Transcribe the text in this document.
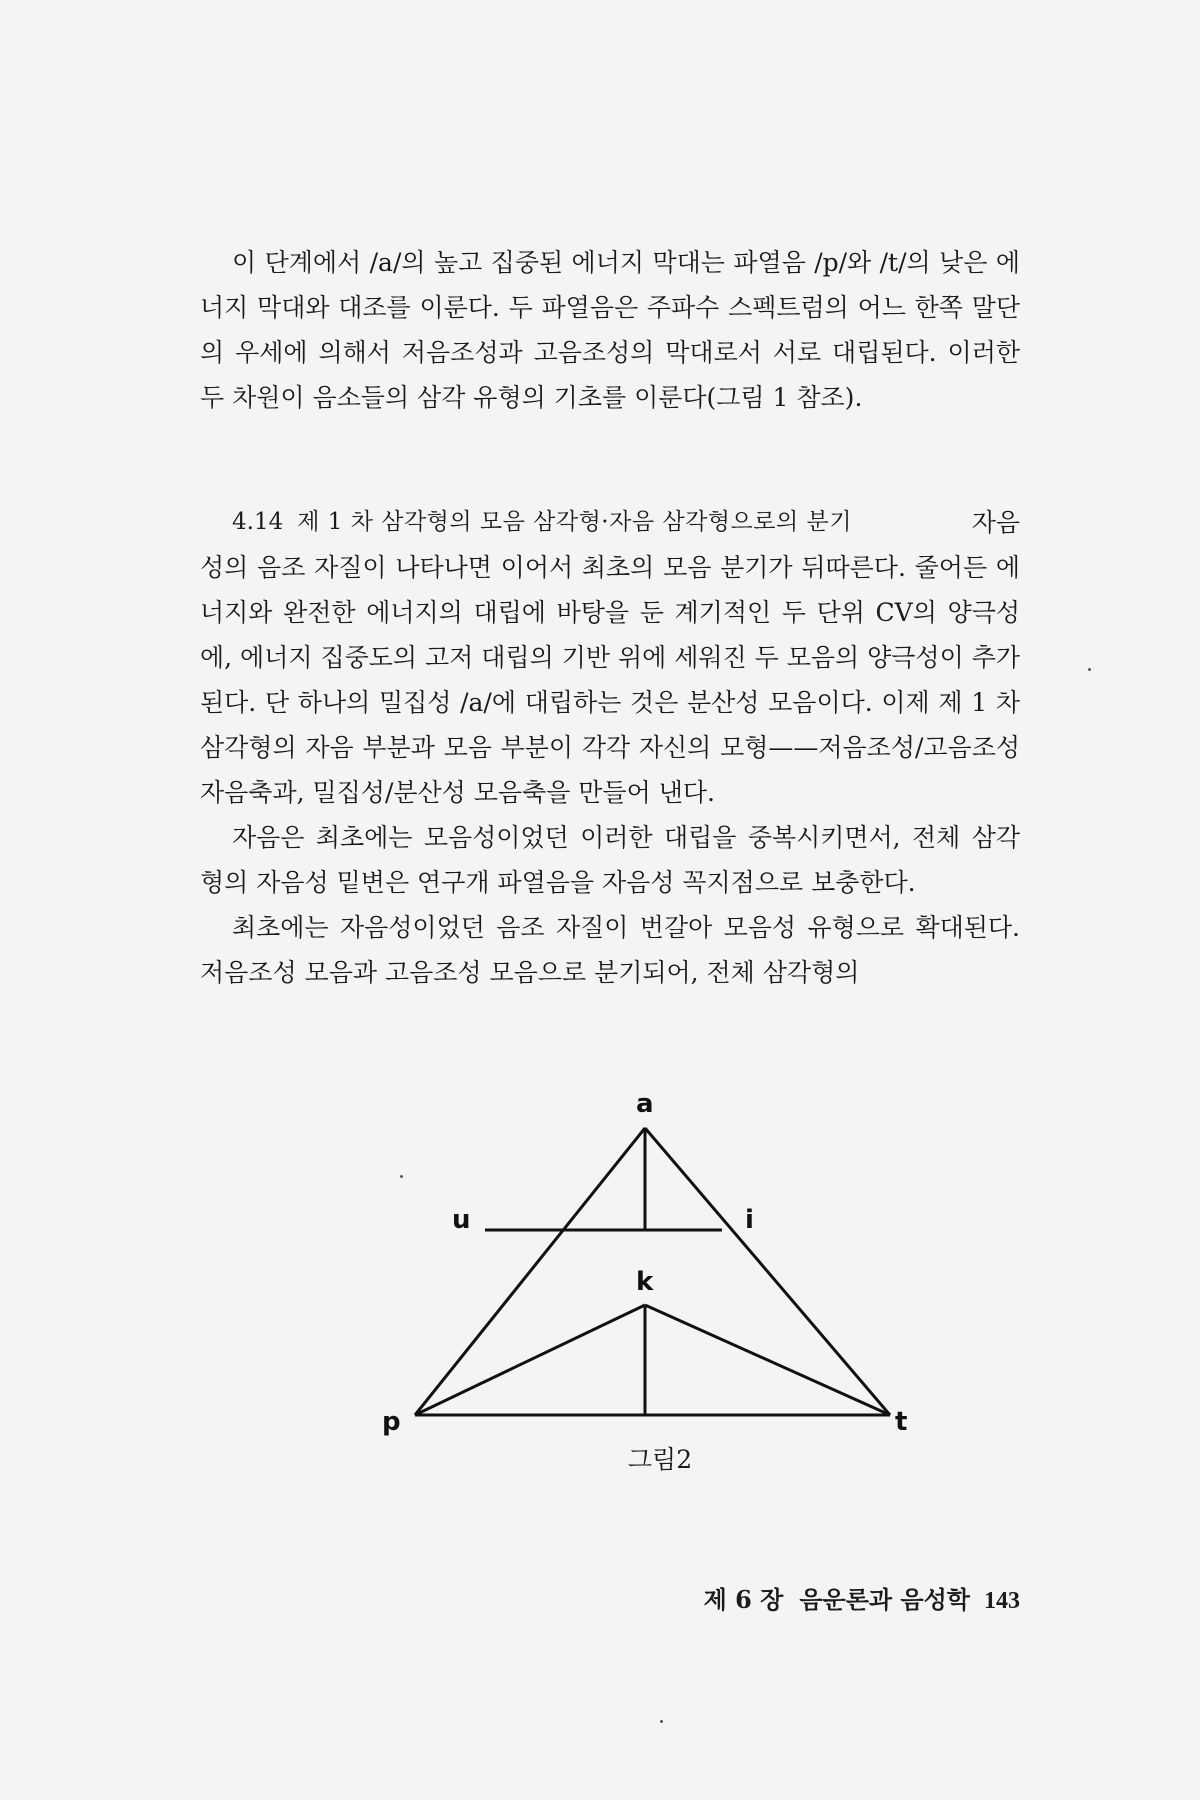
이 단계에서 /a/의 높고 집중된 에너지 막대는 파열음 /p/와 /t/의 낮은 에너지 막대와 대조를 이룬다. 두 파열음은 주파수 스펙트럼의 어느 한쪽 말단의 우세에 의해서 저음조성과 고음조성의 막대로서 서로 대립된다. 이러한 두 차원이 음소들의 삼각 유형의 기초를 이룬다(그림 1 참조).

4.14 제 1 차 삼각형의 모음 삼각형·자음 삼각형으로의 분기	자음

성의 음조 자질이 나타나면 이어서 최초의 모음 분기가 뒤따른다. 줄어든 에너지와 완전한 에너지의 대립에 바탕을 둔 계기적인 두 단위 CV의 양극성에, 에너지 집중도의 고저 대립의 기반 위에 세워진 두 모음의 양극성이 추가된다. 단 하나의 밀집성 /a/에 대립하는 것은 분산성 모음이다. 이제 제 1 차 삼각형의 자음 부분과 모음 부분이 각각 자신의 모형——저음조성/고음조성 자음축과, 밀집성/분산성 모음축을 만들어 낸다.

자음은 최초에는 모음성이었던 이러한 대립을 중복시키면서, 전체 삼각형의 자음성 밑변은 연구개 파열음을 자음성 꼭지점으로 보충한다.

최초에는 자음성이었던 음조 자질이 번갈아 모음성 유형으로 확대된다. 저음조성 모음과 고음조성 모음으로 분기되어, 전체 삼각형의

a
u	i
k
p	t
그림2
제 6 장 음운론과 음성학 143
